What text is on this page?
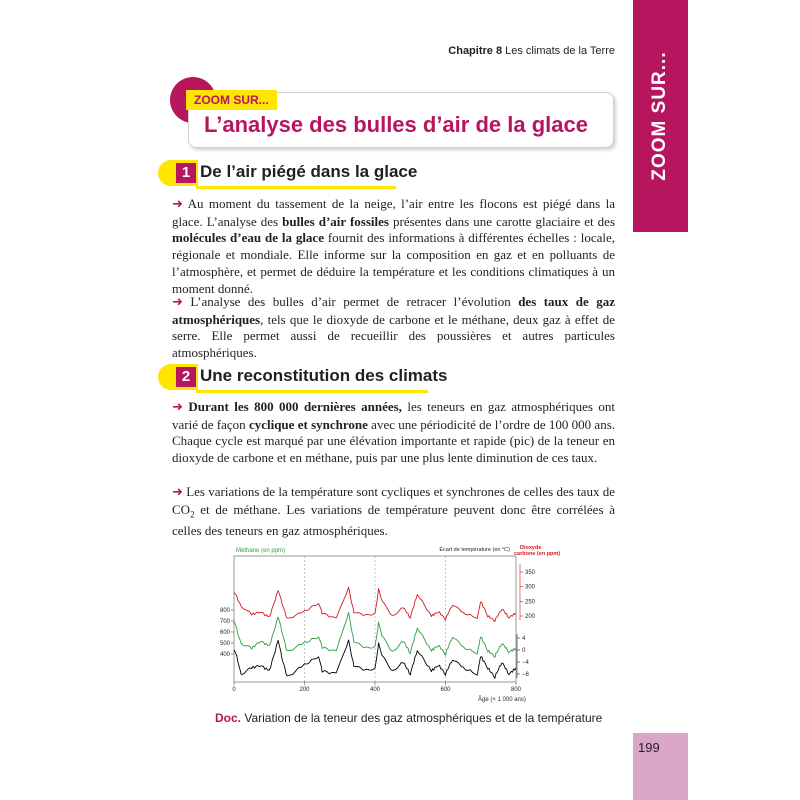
ZOOM SUR...
Chapitre 8 Les climats de la Terre
ZOOM SUR...
L’analyse des bulles d’air de la glace
1 De l’air piégé dans la glace
➜ Au moment du tassement de la neige, l’air entre les flocons est piégé dans la glace. L’analyse des bulles d’air fossiles présentes dans une carotte glaciaire et des molécules d’eau de la glace fournit des informations à différentes échelles : locale, régionale et mondiale. Elle informe sur la composition en gaz et en polluants de l’atmosphère, et permet de déduire la température et les conditions climatiques à un moment donné.
➜ L’analyse des bulles d’air permet de retracer l’évolution des taux de gaz atmosphériques, tels que le dioxyde de carbone et le méthane, deux gaz à effet de serre. Elle permet aussi de recueillir des poussières et autres particules atmosphériques.
2 Une reconstitution des climats
➜ Durant les 800 000 dernières années, les teneurs en gaz atmosphériques ont varié de façon cyclique et synchrone avec une périodicité de l’ordre de 100 000 ans. Chaque cycle est marqué par une élévation importante et rapide (pic) de la teneur en dioxyde de carbone et en méthane, puis par une plus lente diminution de ces taux.
➜ Les variations de la température sont cycliques et synchrones de celles des taux de $CO_2$ et de méthane. Les variations de température peuvent donc être corrélées à celles des teneurs en gaz atmosphériques.
0	200	400	600	800
Âge (× 1 000 ans)
800
700
600
500
400
Méthane (en ppm)
350
300
250
200
Dioxyde
carbone (en ppm)
4
0
−4
−8
Écart de température (en °C)
Doc. Variation de la teneur des gaz atmosphériques et de la température
199
